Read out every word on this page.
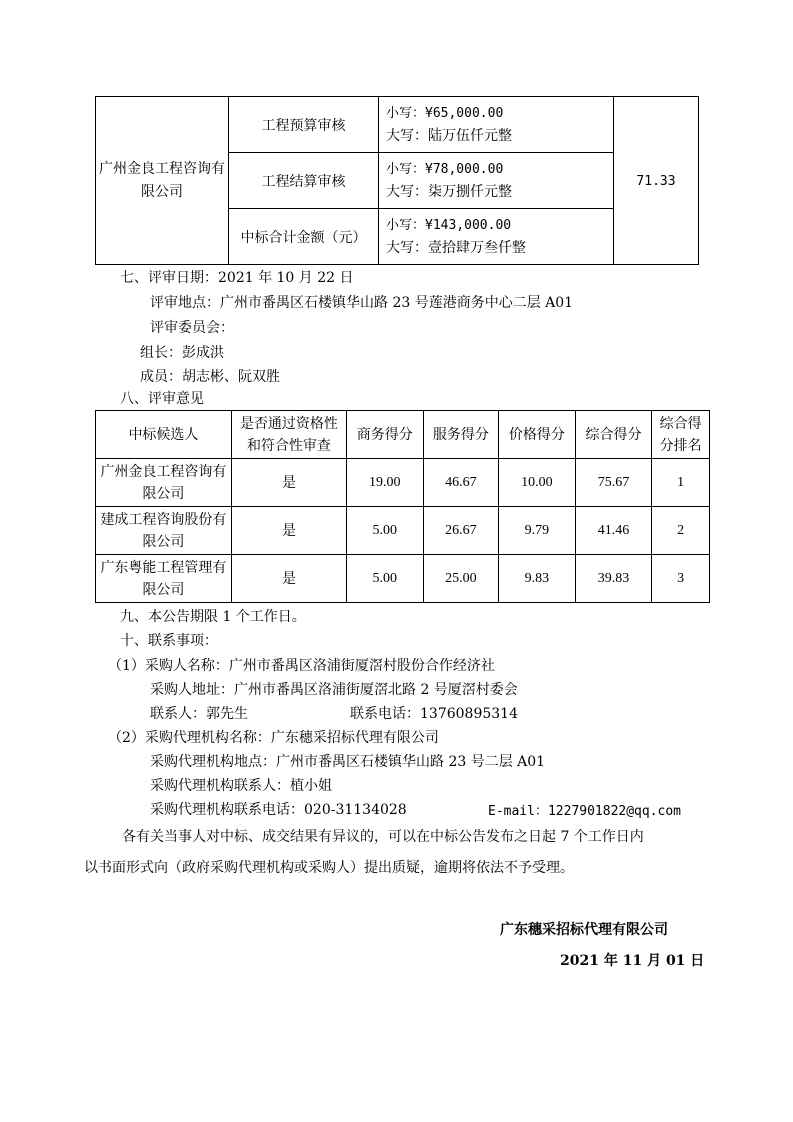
广州金良工程咨询有限公司	工程预算审核	小写：¥65,000.00
大写：陆万伍仟元整	71.33
	工程结算审核	小写：¥78,000.00
大写：柒万捌仟元整	

	中标合计金额（元）	小写：¥143,000.00
大写：壹拾肆万叁仟整	
七、评审日期：2021 年 10 月 22 日
评审地点：广州市番禺区石楼镇华山路 23 号莲港商务中心二层 A01
评审委员会：
组长：彭成洪
成员：胡志彬、阮双胜
八、评审意见
中标候选人	是否通过资格性和符合性审查	商务得分	服务得分	价格得分	综合得分	综合得分排名

广州金良工程咨询有限公司	是	19.00	46.67	10.00	75.67	1

建成工程咨询股份有限公司	是	5.00	26.67	9.79	41.46	2

广东粤能工程管理有限公司	是	5.00	25.00	9.83	39.83	3
九、本公告期限 1 个工作日。
十、联系事项：
（1）采购人名称：广州市番禺区洛浦街厦滘村股份合作经济社
采购人地址：广州市番禺区洛浦街厦滘北路 2 号厦滘村委会
联系人：郭先生	联系电话：13760895314
（2）采购代理机构名称：广东穗采招标代理有限公司
采购代理机构地点：广州市番禺区石楼镇华山路 23 号二层 A01
采购代理机构联系人：植小姐
采购代理机构联系电话：020-31134028	E-mail：1227901822@qq.com
各有关当事人对中标、成交结果有异议的，可以在中标公告发布之日起 7 个工作日内
以书面形式向（政府采购代理机构或采购人）提出质疑，逾期将依法不予受理。
广东穗采招标代理有限公司
2021 年 11 月 01 日
